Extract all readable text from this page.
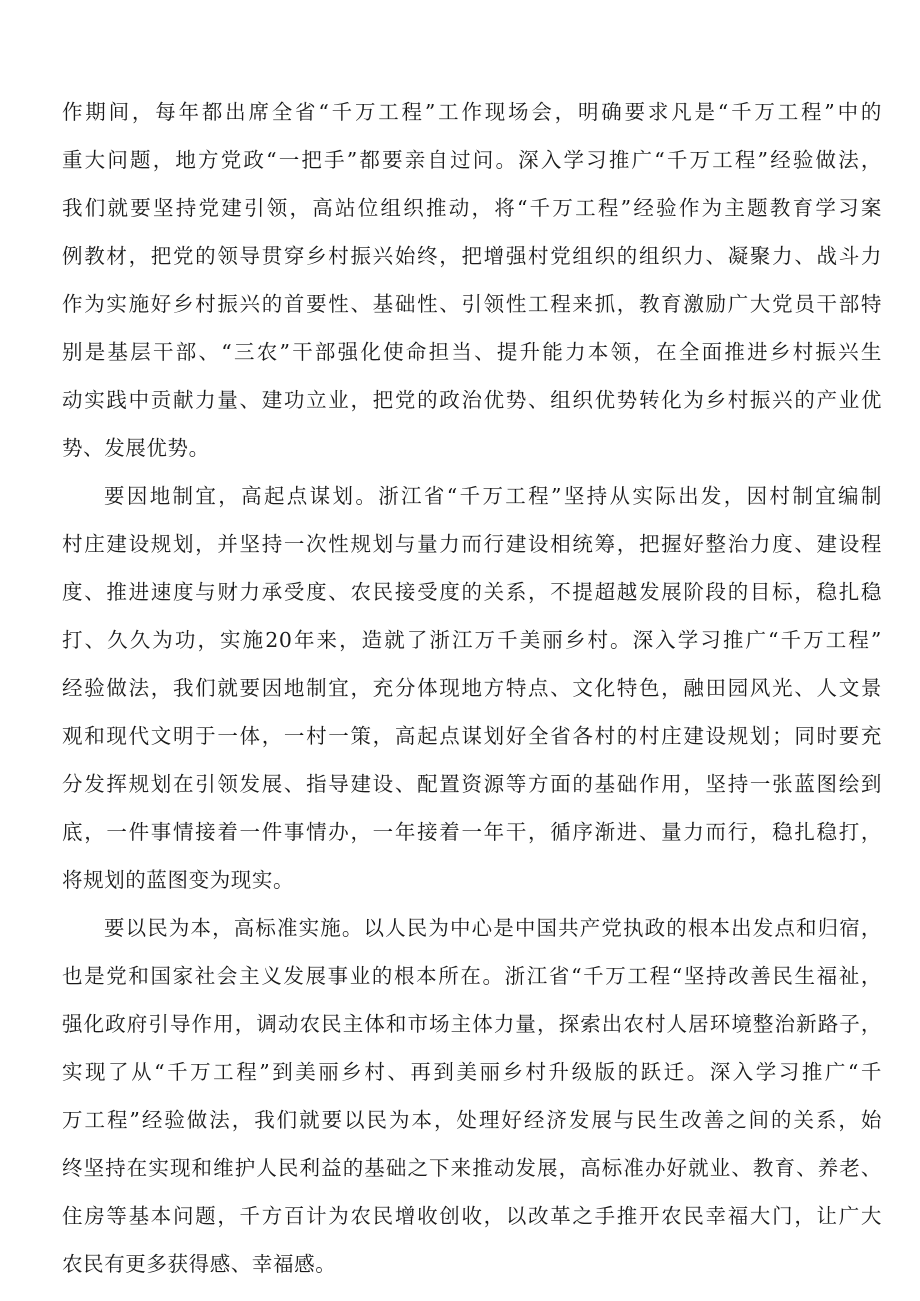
作期间，每年都出席全省“千万工程”工作现场会，明确要求凡是“千万工程”中的
重大问题，地方党政“一把手”都要亲自过问。深入学习推广“千万工程”经验做法，
我们就要坚持党建引领，高站位组织推动，将“千万工程”经验作为主题教育学习案
例教材，把党的领导贯穿乡村振兴始终，把增强村党组织的组织力、凝聚力、战斗力
作为实施好乡村振兴的首要性、基础性、引领性工程来抓，教育激励广大党员干部特
别是基层干部、“三农”干部强化使命担当、提升能力本领，在全面推进乡村振兴生
动实践中贡献力量、建功立业，把党的政治优势、组织优势转化为乡村振兴的产业优
势、发展优势。
要因地制宜，高起点谋划。浙江省“千万工程”坚持从实际出发，因村制宜编制
村庄建设规划，并坚持一次性规划与量力而行建设相统筹，把握好整治力度、建设程
度、推进速度与财力承受度、农民接受度的关系，不提超越发展阶段的目标，稳扎稳
打、久久为功，实施20年来，造就了浙江万千美丽乡村。深入学习推广“千万工程”
经验做法，我们就要因地制宜，充分体现地方特点、文化特色，融田园风光、人文景
观和现代文明于一体，一村一策，高起点谋划好全省各村的村庄建设规划；同时要充
分发挥规划在引领发展、指导建设、配置资源等方面的基础作用，坚持一张蓝图绘到
底，一件事情接着一件事情办，一年接着一年干，循序渐进、量力而行，稳扎稳打，
将规划的蓝图变为现实。
要以民为本，高标准实施。以人民为中心是中国共产党执政的根本出发点和归宿，
也是党和国家社会主义发展事业的根本所在。浙江省“千万工程“坚持改善民生福祉，
强化政府引导作用，调动农民主体和市场主体力量，探索出农村人居环境整治新路子，
实现了从“千万工程”到美丽乡村、再到美丽乡村升级版的跃迁。深入学习推广“千
万工程”经验做法，我们就要以民为本，处理好经济发展与民生改善之间的关系，始
终坚持在实现和维护人民利益的基础之下来推动发展，高标准办好就业、教育、养老、
住房等基本问题，千方百计为农民增收创收，以改革之手推开农民幸福大门，让广大
农民有更多获得感、幸福感。
